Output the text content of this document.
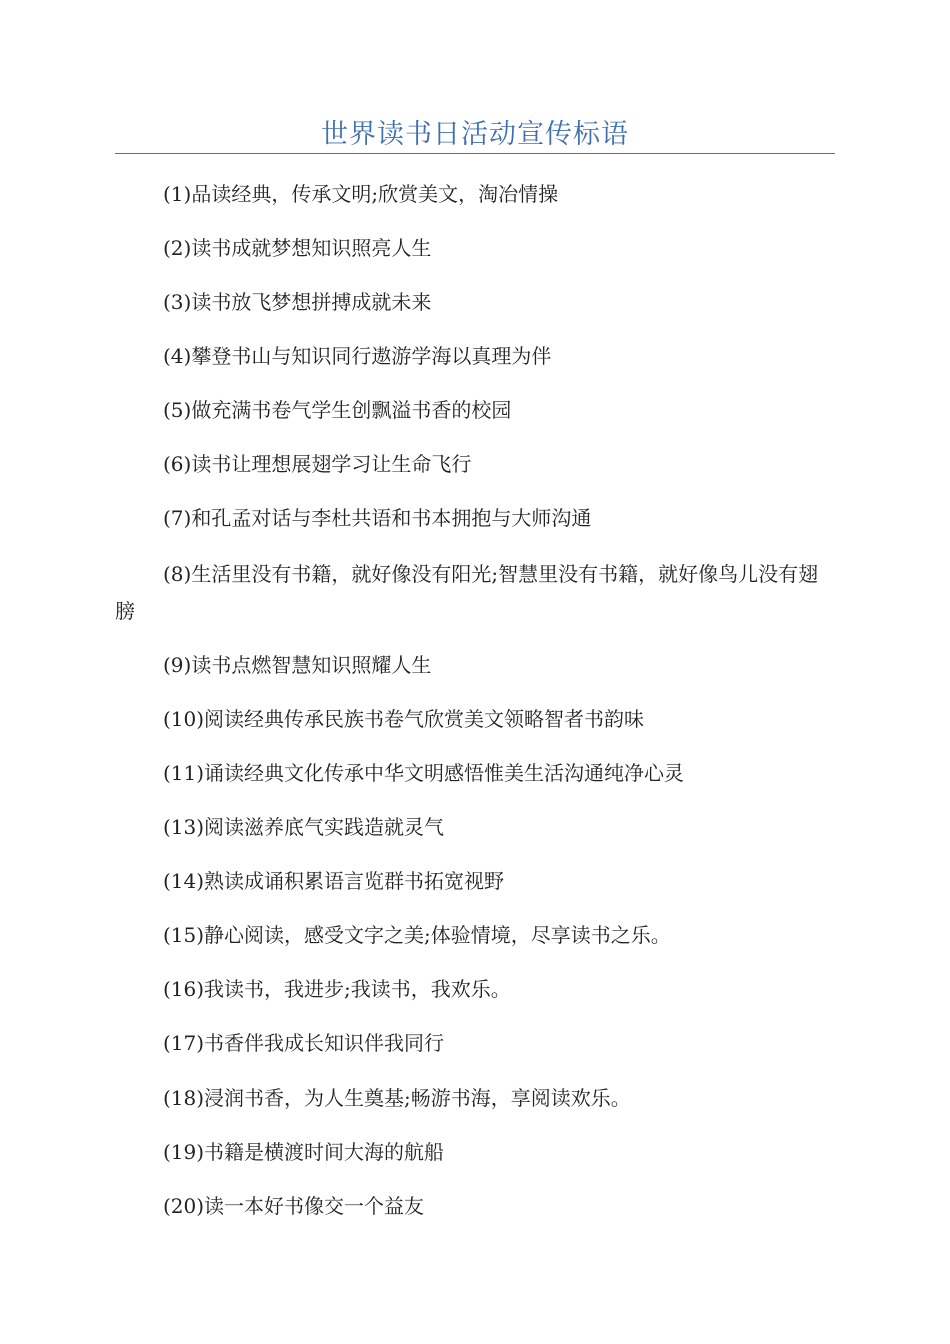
世界读书日活动宣传标语
(1)品读经典，传承文明;欣赏美文，淘冶情操
(2)读书成就梦想知识照亮人生
(3)读书放飞梦想拼搏成就未来
(4)攀登书山与知识同行遨游学海以真理为伴
(5)做充满书卷气学生创飘溢书香的校园
(6)读书让理想展翅学习让生命飞行
(7)和孔孟对话与李杜共语和书本拥抱与大师沟通
(8)生活里没有书籍，就好像没有阳光;智慧里没有书籍，就好像鸟儿没有翅膀
(9)读书点燃智慧知识照耀人生
(10)阅读经典传承民族书卷气欣赏美文领略智者书韵味
(11)诵读经典文化传承中华文明感悟惟美生活沟通纯净心灵
(13)阅读滋养底气实践造就灵气
(14)熟读成诵积累语言览群书拓宽视野
(15)静心阅读，感受文字之美;体验情境，尽享读书之乐。
(16)我读书，我进步;我读书，我欢乐。
(17)书香伴我成长知识伴我同行
(18)浸润书香，为人生奠基;畅游书海，享阅读欢乐。
(19)书籍是横渡时间大海的航船
(20)读一本好书像交一个益友
